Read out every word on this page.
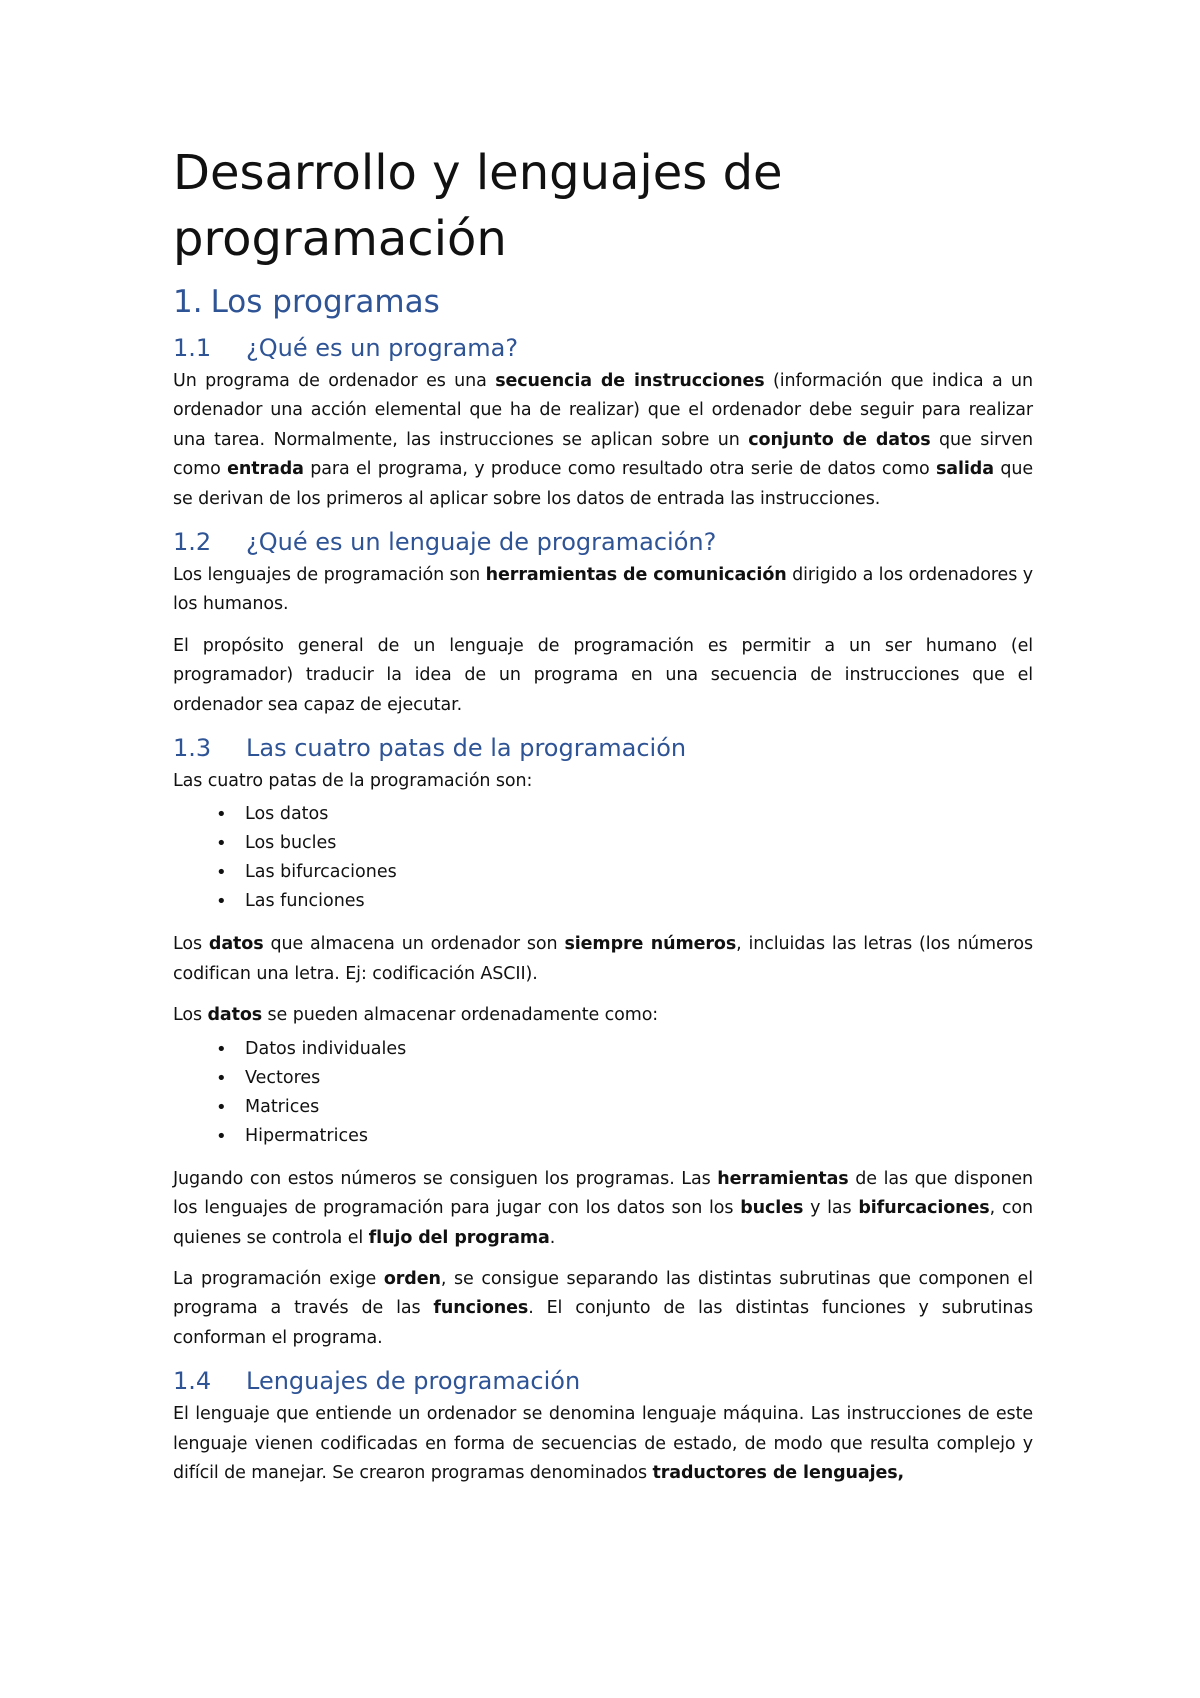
Desarrollo y lenguajes de
programación
1. Los programas
1.1	¿Qué es un programa?

Un programa de ordenador es una secuencia de instrucciones (información que indica a un ordenador una acción elemental que ha de realizar) que el ordenador debe seguir para realizar una tarea. Normalmente, las instrucciones se aplican sobre un conjunto de datos que sirven como entrada para el programa, y produce como resultado otra serie de datos como salida que se derivan de los primeros al aplicar sobre los datos de entrada las instrucciones.

1.2	¿Qué es un lenguaje de programación?

Los lenguajes de programación son herramientas de comunicación dirigido a los ordenadores y los humanos.

El propósito general de un lenguaje de programación es permitir a un ser humano (el programador) traducir la idea de un programa en una secuencia de instrucciones que el ordenador sea capaz de ejecutar.

1.3	Las cuatro patas de la programación

Las cuatro patas de la programación son:

• Los datos
• Los bucles
• Las bifurcaciones
• Las funciones

Los datos que almacena un ordenador son siempre números, incluidas las letras (los números codifican una letra. Ej: codificación ASCII).

Los datos se pueden almacenar ordenadamente como:

• Datos individuales
• Vectores
• Matrices
• Hipermatrices

Jugando con estos números se consiguen los programas. Las herramientas de las que disponen los lenguajes de programación para jugar con los datos son los bucles y las bifurcaciones, con quienes se controla el flujo del programa.

La programación exige orden, se consigue separando las distintas subrutinas que componen el programa a través de las funciones. El conjunto de las distintas funciones y subrutinas conforman el programa.

1.4	Lenguajes de programación

El lenguaje que entiende un ordenador se denomina lenguaje máquina. Las instrucciones de este lenguaje vienen codificadas en forma de secuencias de estado, de modo que resulta complejo y difícil de manejar. Se crearon programas denominados traductores de lenguajes,
